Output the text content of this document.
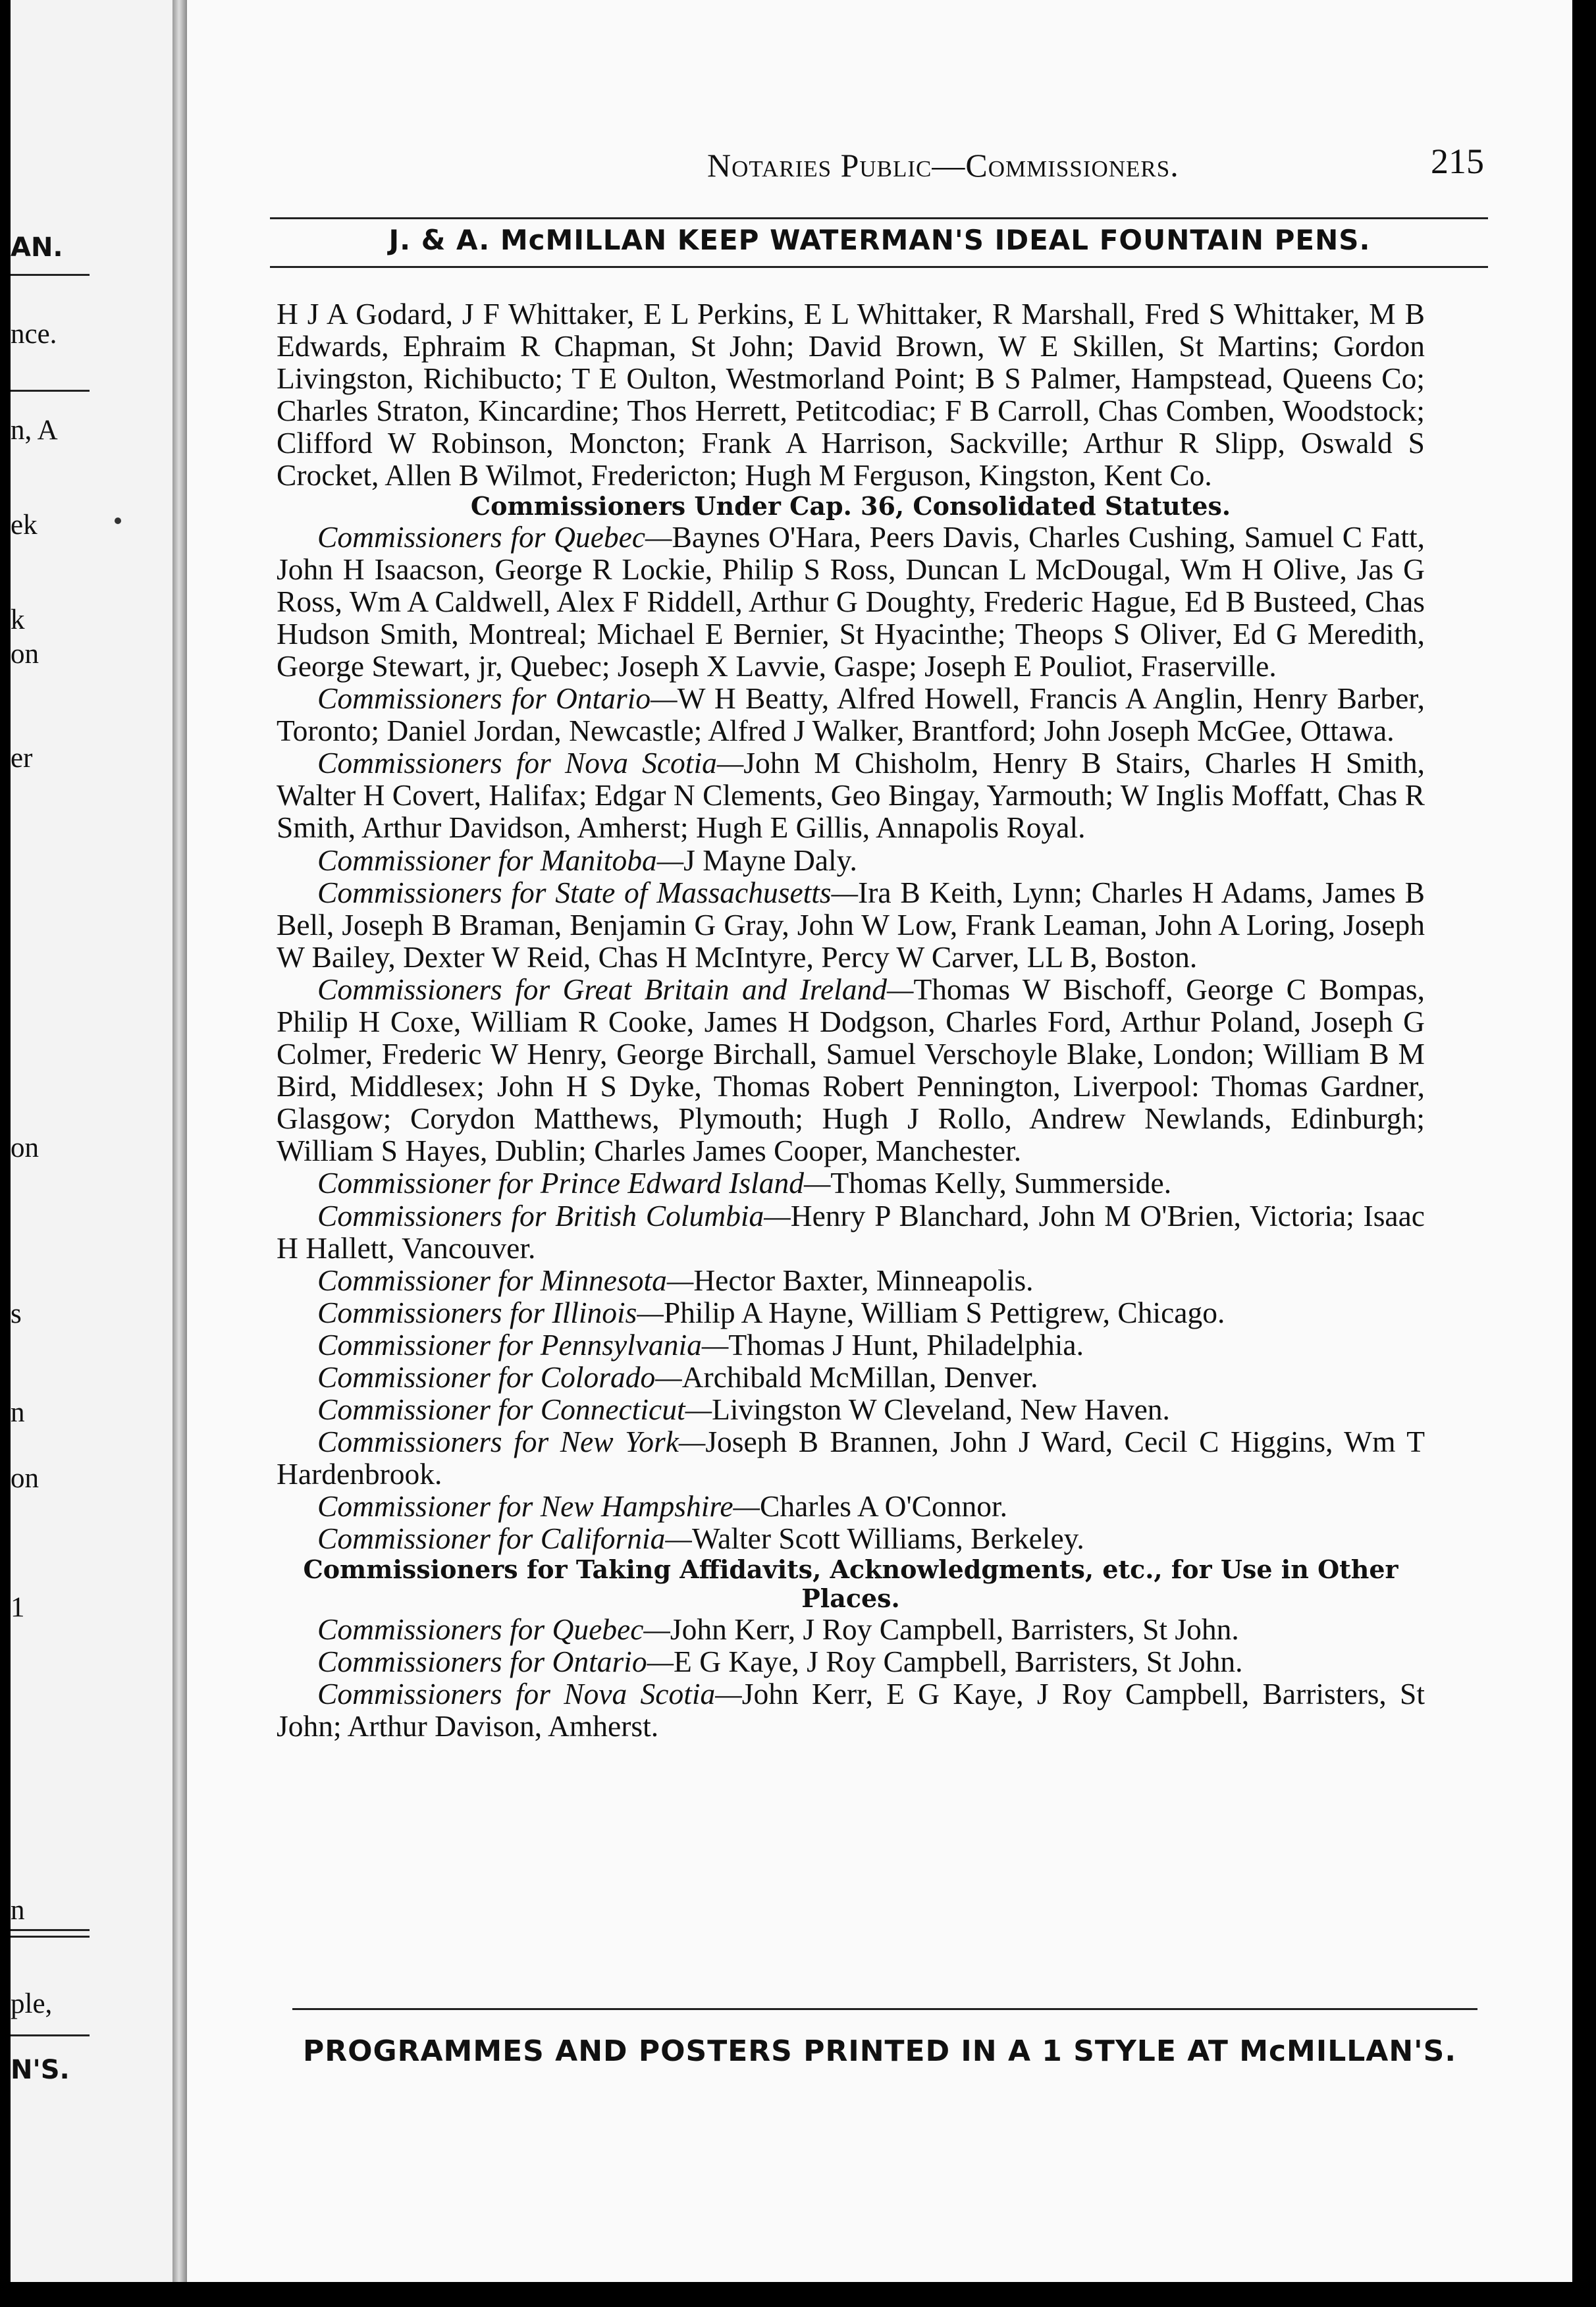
AN.
nce.
n, A
ek
k
on
er
on
s
n
on
1
n
ple,
N'S.
Notaries Public—Commissioners.	215
J. & A. McMILLAN KEEP WATERMAN'S IDEAL FOUNTAIN PENS.

H J A Godard, J F Whittaker, E L Perkins, E L Whittaker, R Marshall, Fred S Whittaker, M B Edwards, Ephraim R Chapman, St John; David Brown, W E Skillen, St Martins; Gordon Livingston, Richibucto; T E Oulton, Westmorland Point; B S Palmer, Hampstead, Queens Co; Charles Straton, Kincardine; Thos Herrett, Petitcodiac; F B Carroll, Chas Comben, Woodstock; Clifford W Robinson, Moncton; Frank A Harrison, Sackville; Arthur R Slipp, Oswald S Crocket, Allen B Wilmot, Fredericton; Hugh M Ferguson, Kingston, Kent Co.

Commissioners Under Cap. 36, Consolidated Statutes.

Commissioners for Quebec—Baynes O'Hara, Peers Davis, Charles Cushing, Samuel C Fatt, John H Isaacson, George R Lockie, Philip S Ross, Duncan L McDougal, Wm H Olive, Jas G Ross, Wm A Caldwell, Alex F Riddell, Arthur G Doughty, Frederic Hague, Ed B Busteed, Chas Hudson Smith, Montreal; Michael E Bernier, St Hyacinthe; Theops S Oliver, Ed G Meredith, George Stewart, jr, Quebec; Joseph X Lavvie, Gaspe; Joseph E Pouliot, Fraserville.

Commissioners for Ontario—W H Beatty, Alfred Howell, Francis A Anglin, Henry Barber, Toronto; Daniel Jordan, Newcastle; Alfred J Walker, Brantford; John Joseph McGee, Ottawa.

Commissioners for Nova Scotia—John M Chisholm, Henry B Stairs, Charles H Smith, Walter H Covert, Halifax; Edgar N Clements, Geo Bingay, Yarmouth; W Inglis Moffatt, Chas R Smith, Arthur Davidson, Amherst; Hugh E Gillis, Annapolis Royal.

Commissioner for Manitoba—J Mayne Daly.

Commissioners for State of Massachusetts—Ira B Keith, Lynn; Charles H Adams, James B Bell, Joseph B Braman, Benjamin G Gray, John W Low, Frank Leaman, John A Loring, Joseph W Bailey, Dexter W Reid, Chas H McIntyre, Percy W Carver, LL B, Boston.

Commissioners for Great Britain and Ireland—Thomas W Bischoff, George C Bompas, Philip H Coxe, William R Cooke, James H Dodgson, Charles Ford, Arthur Poland, Joseph G Colmer, Frederic W Henry, George Birchall, Samuel Verschoyle Blake, London; William B M Bird, Middlesex; John H S Dyke, Thomas Robert Pennington, Liverpool: Thomas Gardner, Glasgow; Corydon Matthews, Plymouth; Hugh J Rollo, Andrew Newlands, Edinburgh; William S Hayes, Dublin; Charles James Cooper, Manchester.

Commissioner for Prince Edward Island—Thomas Kelly, Summerside.

Commissioners for British Columbia—Henry P Blanchard, John M O'Brien, Victoria; Isaac H Hallett, Vancouver.

Commissioner for Minnesota—Hector Baxter, Minneapolis.

Commissioners for Illinois—Philip A Hayne, William S Pettigrew, Chicago.

Commissioner for Pennsylvania—Thomas J Hunt, Philadelphia.

Commissioner for Colorado—Archibald McMillan, Denver.

Commissioner for Connecticut—Livingston W Cleveland, New Haven.

Commissioners for New York—Joseph B Brannen, John J Ward, Cecil C Higgins, Wm T Hardenbrook.

Commissioner for New Hampshire—Charles A O'Connor.

Commissioner for California—Walter Scott Williams, Berkeley.

Commissioners for Taking Affidavits, Acknowledgments, etc., for Use in Other Places.

Commissioners for Quebec—John Kerr, J Roy Campbell, Barristers, St John.

Commissioners for Ontario—E G Kaye, J Roy Campbell, Barristers, St John.

Commissioners for Nova Scotia—John Kerr, E G Kaye, J Roy Campbell, Barristers, St John; Arthur Davison, Amherst.

PROGRAMMES AND POSTERS PRINTED IN A 1 STYLE AT McMILLAN'S.
